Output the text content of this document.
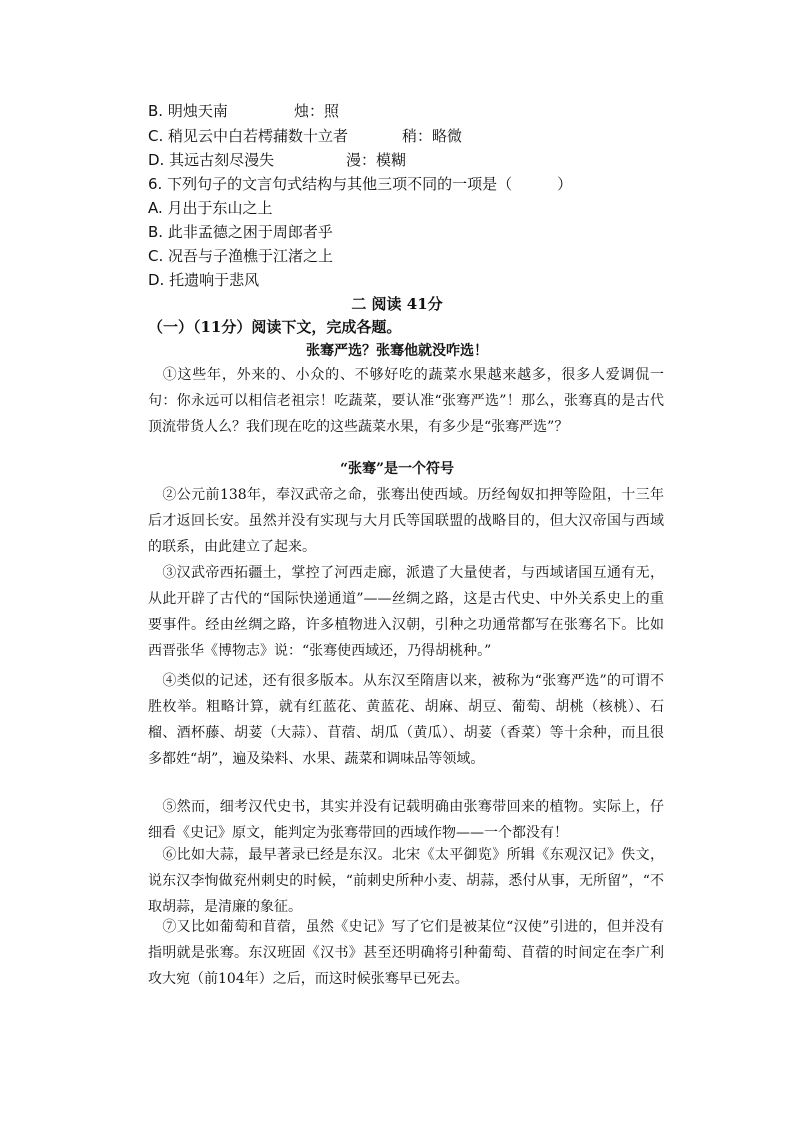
B. 明烛天南	烛：照
C. 稍见云中白若樗蒱数十立者	稍：略微
D. 其远古刻尽漫失	漫：模糊
6. 下列句子的文言句式结构与其他三项不同的一项是（　　　）
A. 月出于东山之上
B. 此非孟德之困于周郎者乎
C. 况吾与子渔樵于江渚之上
D. 托遗响于悲风
二 阅读 41分
（一）（11分）阅读下文，完成各题。
张骞严选？张骞他就没咋选！
①这些年，外来的、小众的、不够好吃的蔬菜水果越来越多，很多人爱调侃一句：你永远可以相信老祖宗！吃蔬菜，要认准“张骞严选”！那么，张骞真的是古代顶流带货人么？我们现在吃的这些蔬菜水果，有多少是“张骞严选”？
“张骞”是一个符号
②公元前138年，奉汉武帝之命，张骞出使西域。历经匈奴扣押等险阻，十三年后才返回长安。虽然并没有实现与大月氏等国联盟的战略目的，但大汉帝国与西域的联系，由此建立了起来。
③汉武帝西拓疆土，掌控了河西走廊，派遣了大量使者，与西域诸国互通有无，从此开辟了古代的“国际快递通道”——丝绸之路，这是古代史、中外关系史上的重要事件。经由丝绸之路，许多植物进入汉朝，引种之功通常都写在张骞名下。比如西晋张华《博物志》说：“张骞使西域还，乃得胡桃种。”
④类似的记述，还有很多版本。从东汉至隋唐以来，被称为“张骞严选”的可谓不胜枚举。粗略计算，就有红蓝花、黄蓝花、胡麻、胡豆、葡萄、胡桃（核桃）、石榴、酒杯藤、胡荽（大蒜）、苜蓿、胡瓜（黄瓜）、胡荽（香菜）等十余种，而且很多都姓“胡”，遍及染料、水果、蔬菜和调味品等领域。
⑤然而，细考汉代史书，其实并没有记载明确由张骞带回来的植物。实际上，仔细看《史记》原文，能判定为张骞带回的西域作物——一个都没有！
⑥比如大蒜，最早著录已经是东汉。北宋《太平御览》所辑《东观汉记》佚文，说东汉李恂做兖州刺史的时候，“前刺史所种小麦、胡蒜，悉付从事，无所留”，“不取胡蒜，是清廉的象征。
⑦又比如葡萄和苜蓿，虽然《史记》写了它们是被某位“汉使”引进的，但并没有指明就是张骞。东汉班固《汉书》甚至还明确将引种葡萄、苜蓿的时间定在李广利攻大宛（前104年）之后，而这时候张骞早已死去。
